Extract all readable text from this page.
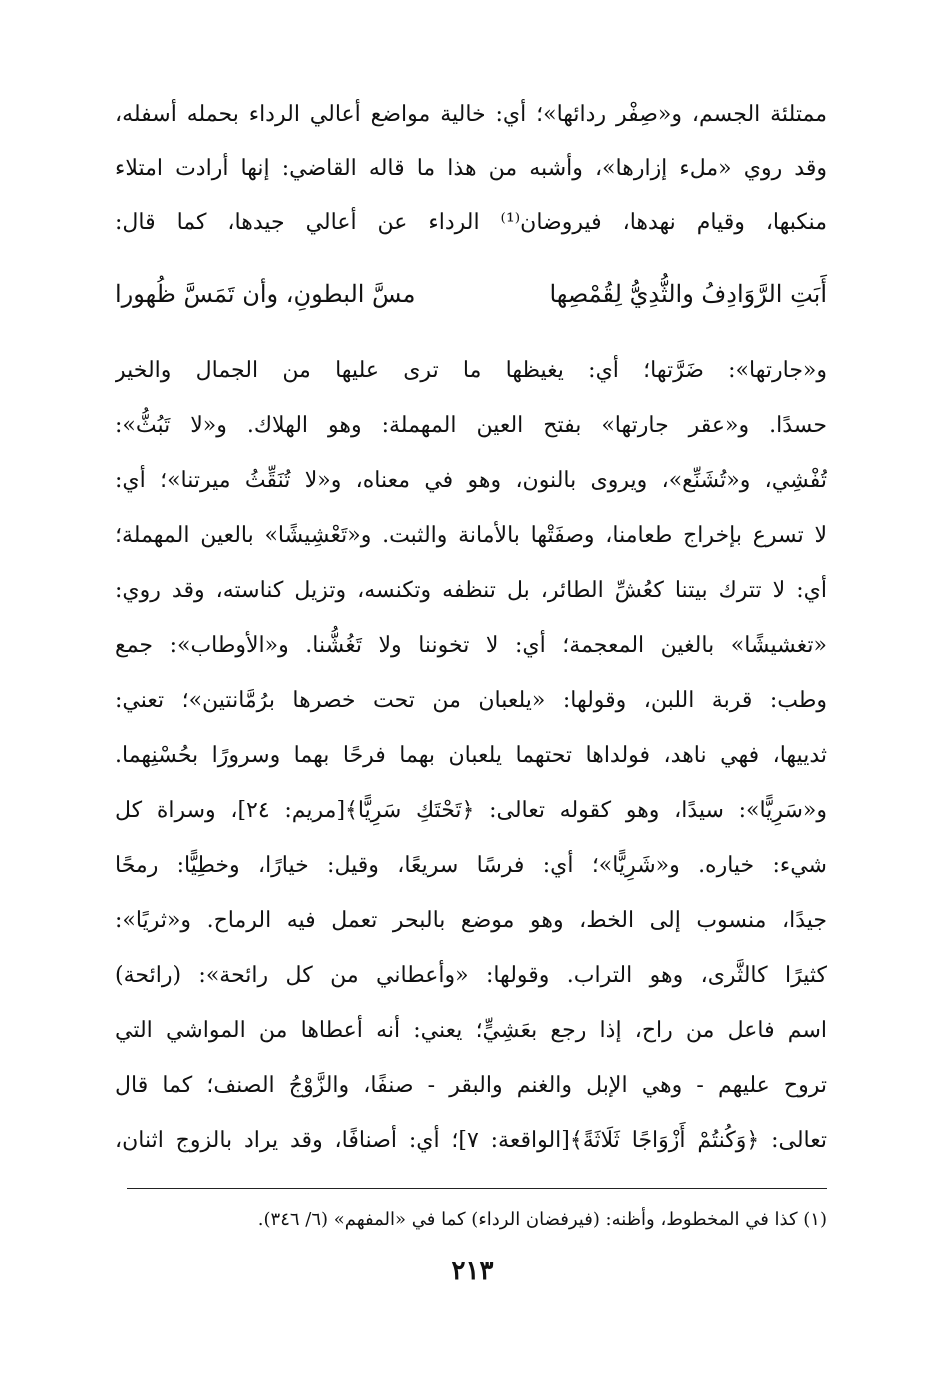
ممتلئة الجسم، و«صِفْر ردائها»؛ أي: خالية مواضع أعالي الرداء بحمله أسفله،
وقد روي «ملء إزارها»، وأشبه من هذا ما قاله القاضي: إنها أرادت امتلاء
منكبها، وقيام نهدها، فيروضان⁽¹⁾ الرداء عن أعالي جيدها، كما قال:
أَبَتِ الرَّوَادِفُ والثُّدِيُّ لِقُمْصِها
مسَّ البطونِ، وأن تَمَسَّ ظُهورا
و«جارتها»: ضَرَّتها؛ أي: يغيظها ما ترى عليها من الجمال والخير
حسدًا. و«عقر جارتها» بفتح العين المهملة: وهو الهلاك. و«لا تَبُثُّ»:
تُفْشِي، و«تُشَنِّع»، ويروى بالنون، وهو في معناه، و«لا تُنَقِّثُ ميرتنا»؛ أي:
لا تسرع بإخراج طعامنا، وصفَتْها بالأمانة والثبت. و«تَعْشِيشًا» بالعين المهملة؛
أي: لا تترك بيتنا كعُشِّ الطائر، بل تنظفه وتكنسه، وتزيل كناسته، وقد روي:
«تغشيشًا» بالغين المعجمة؛ أي: لا تخوننا ولا تَغُشُّنا. و«الأوطاب»: جمع
وطب: قربة اللبن، وقولها: «يلعبان من تحت خصرها برُمَّانتين»؛ تعني:
ثدييها، فهي ناهد، فولداها تحتهما يلعبان بهما فرحًا بهما وسرورًا بحُسْنِهما.
و«سَرِيًّا»: سيدًا، وهو كقوله تعالى: ﴿تَحْتَكِ سَرِيًّا﴾[مريم: ٢٤]، وسراة كل
شيء: خياره. و«شَرِيًّا»؛ أي: فرسًا سريعًا، وقيل: خيارًا، وخطِيًّا: رمحًا
جيدًا، منسوب إلى الخط، وهو موضع بالبحر تعمل فيه الرماح. و«ثريًا»:
كثيرًا كالثَّرى، وهو التراب. وقولها: «وأعطاني من كل رائحة»: (رائحة)
اسم فاعل من راح، إذا رجع بعَشِيٍّ؛ يعني: أنه أعطاها من المواشي التي
تروح عليهم - وهي الإبل والغنم والبقر - صنفًا، والزَّوْجُ الصنف؛ كما قال
تعالى: ﴿وَكُنتُمْ أَزْوَاجًا ثَلَاثَةً﴾[الواقعة: ٧]؛ أي: أصنافًا، وقد يراد بالزوج اثنان،
(١) كذا في المخطوط، وأظنه: (فيرفضان الرداء) كما في «المفهم» (٦/ ٣٤٦).
٢١٣
